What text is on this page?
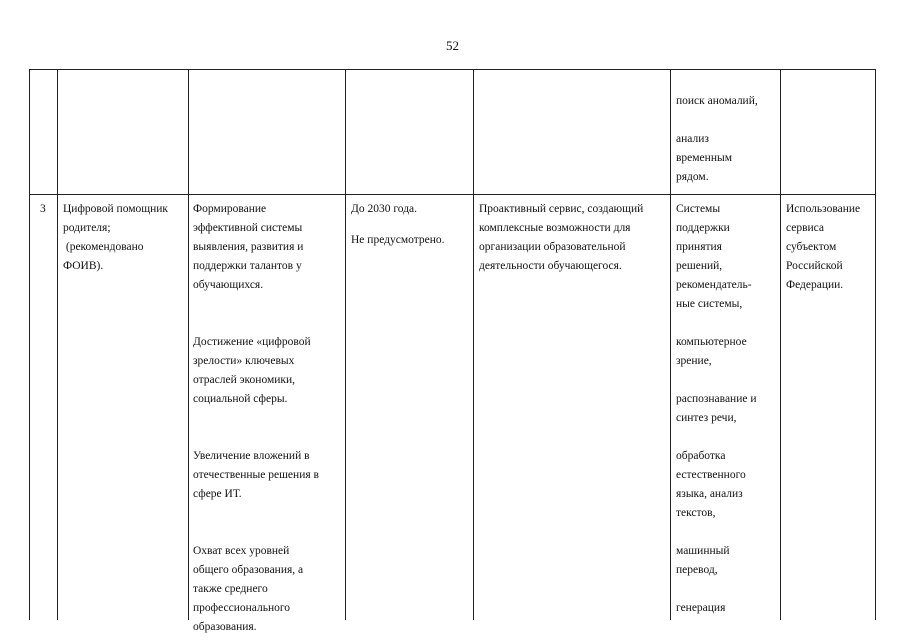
52
поиск аномалий,
анализ
временным
рядом.
3	Цифровой помощник
родителя;
(рекомендовано
ФОИВ).
Формирование
эффективной системы
выявления, развития и
поддержки талантов у
обучающихся.
Достижение «цифровой
зрелости» ключевых
отраслей экономики,
социальной сферы.
Увеличение вложений в
отечественные решения в
сфере ИТ.
Охват всех уровней
общего образования, а
также среднего
профессионального
образования.
До 2030 года.
Не предусмотрено.
Проактивный сервис, создающий
комплексные возможности для
организации образовательной
деятельности обучающегося.
Системы
поддержки
принятия
решений,
рекомендатель-
ные системы,
компьютерное
зрение,
распознавание и
синтез речи,
обработка
естественного
языка, анализ
текстов,
машинный
перевод,
генерация
Использование
сервиса
субъектом
Российской
Федерации.
